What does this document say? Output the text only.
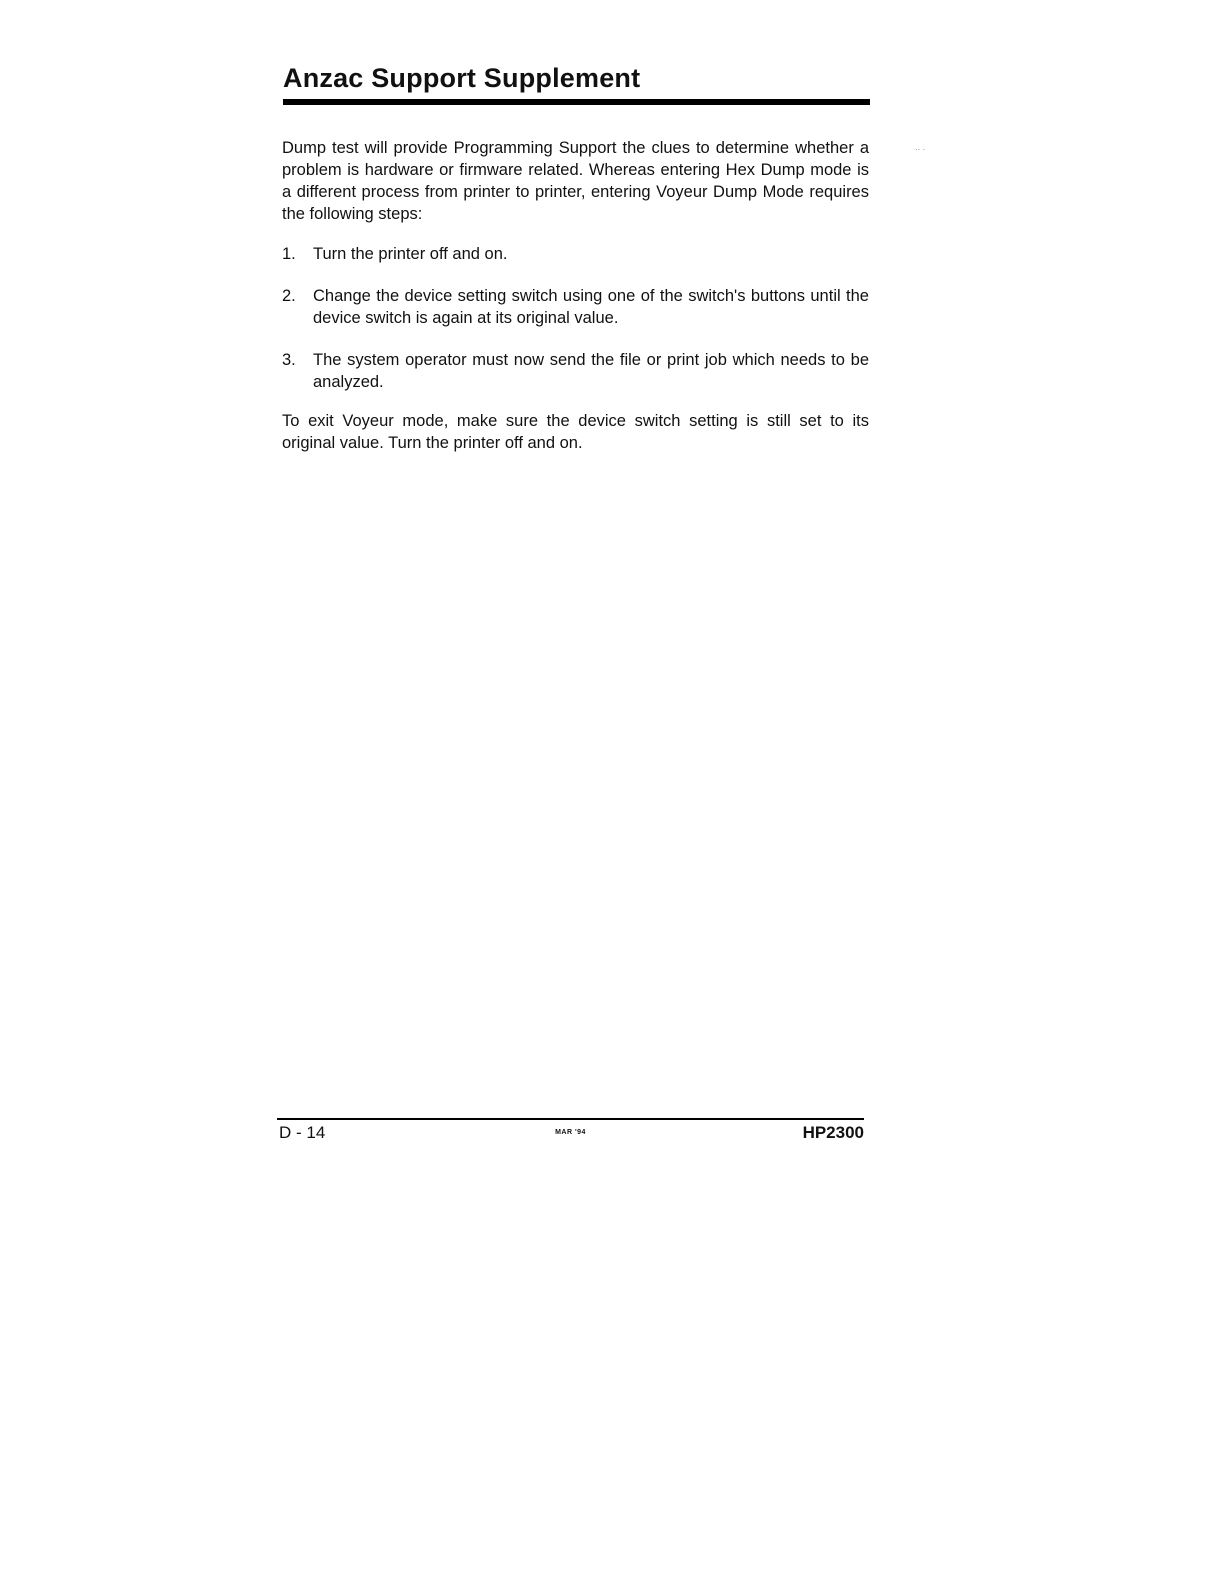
Anzac Support Supplement
·· ·

Dump test will provide Programming Support the clues to determine whether a problem is hardware or firmware related. Whereas entering Hex Dump mode is a different process from printer to printer, entering Voyeur Dump Mode requires the following steps:

1. Turn the printer off and on.
2. Change the device setting switch using one of the switch's buttons until the device switch is again at its original value.
3. The system operator must now send the file or print job which needs to be analyzed.

To exit Voyeur mode, make sure the device switch setting is still set to its original value. Turn the printer off and on.

D - 14	MAR '94	HP2300
